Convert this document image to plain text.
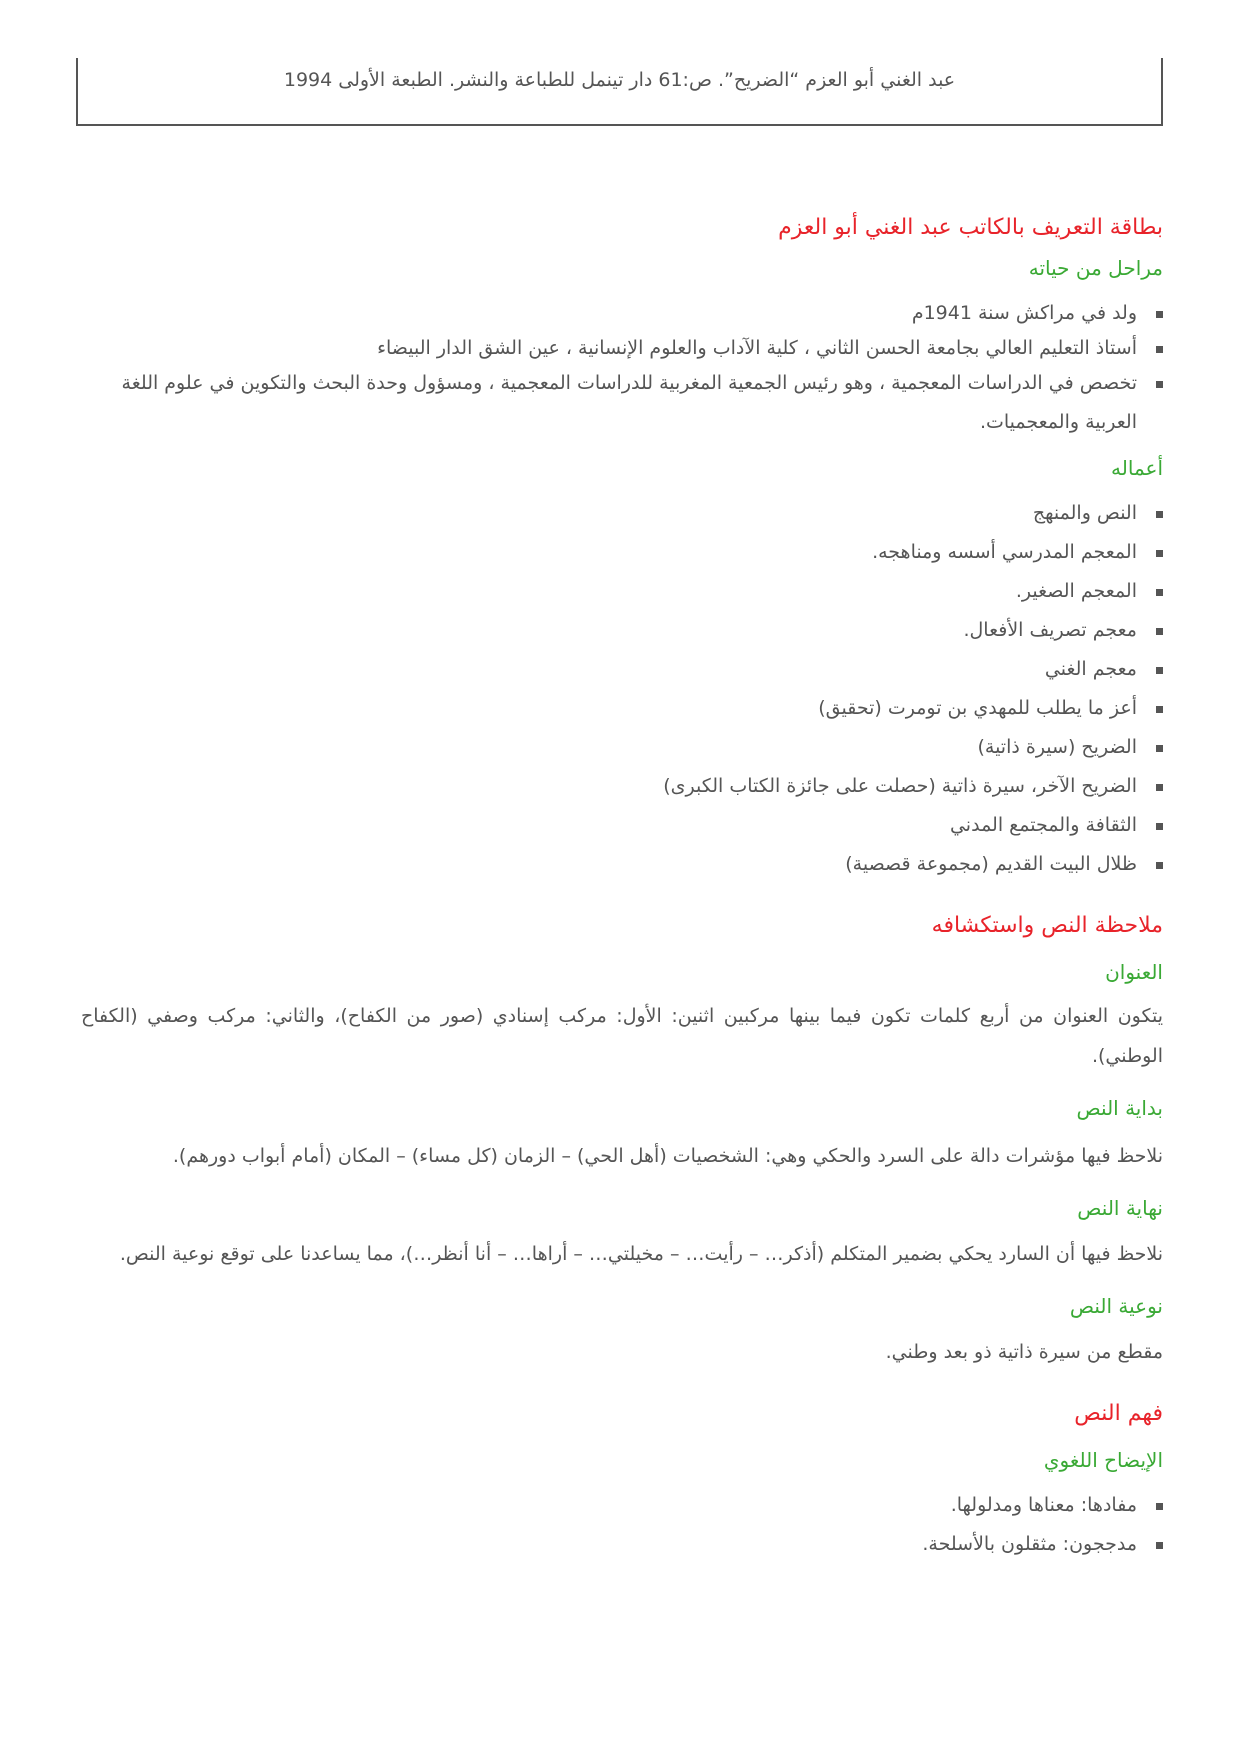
عبد الغني أبو العزم “الضريح”. ص:61 دار تينمل للطباعة والنشر. الطبعة الأولى 1994
بطاقة التعريف بالكاتب عبد الغني أبو العزم
مراحل من حياته
ولد في مراكش سنة 1941م
أستاذ التعليم العالي بجامعة الحسن الثاني ، كلية الآداب والعلوم الإنسانية ، عين الشق الدار البيضاء
تخصص في الدراسات المعجمية ، وهو رئيس الجمعية المغربية للدراسات المعجمية ، ومسؤول وحدة البحث والتكوين في علوم اللغة العربية والمعجميات.
أعماله
النص والمنهج
المعجم المدرسي أسسه ومناهجه.
المعجم الصغير.
معجم تصريف الأفعال.
معجم الغني
أعز ما يطلب للمهدي بن تومرت (تحقيق)
الضريح (سيرة ذاتية)
الضريح الآخر، سيرة ذاتية (حصلت على جائزة الكتاب الكبرى)
الثقافة والمجتمع المدني
ظلال البيت القديم (مجموعة قصصية)
ملاحظة النص واستكشافه
العنوان

يتكون العنوان من أربع كلمات تكون فيما بينها مركبين اثنين: الأول: مركب إسنادي (صور من الكفاح)، والثاني: مركب وصفي (الكفاح الوطني).

بداية النص

نلاحظ فيها مؤشرات دالة على السرد والحكي وهي: الشخصيات (أهل الحي) – الزمان (كل مساء) – المكان (أمام أبواب دورهم).

نهاية النص

نلاحظ فيها أن السارد يحكي بضمير المتكلم (أذكر… – رأيت… – مخيلتي… – أراها… – أنا أنظر…)، مما يساعدنا على توقع نوعية النص.

نوعية النص

مقطع من سيرة ذاتية ذو بعد وطني.

فهم النص
الإيضاح اللغوي
مفادها: معناها ومدلولها.
مدججون: مثقلون بالأسلحة.
